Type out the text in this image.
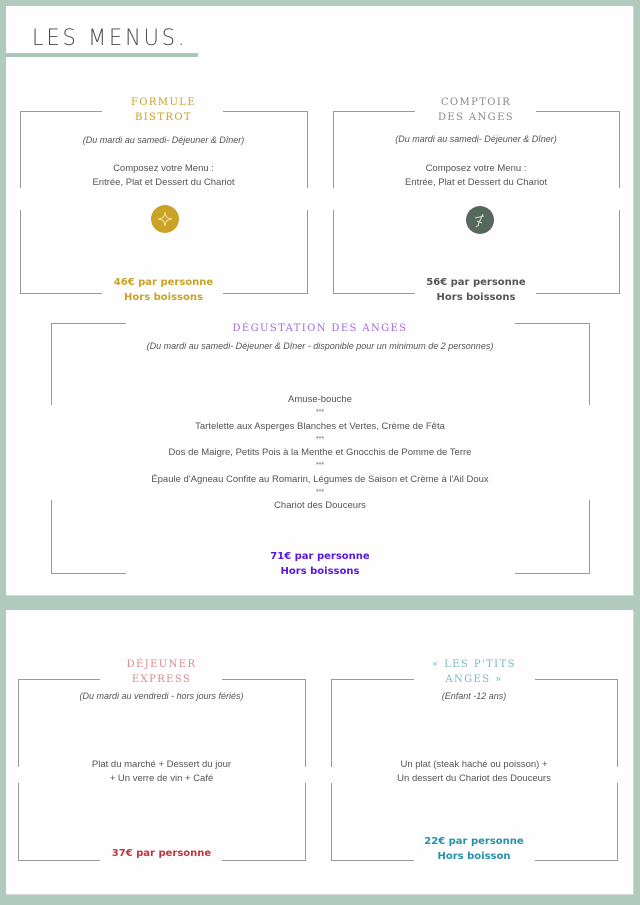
LES MENUS.
FORMULE
BISTROT
(Du mardi au samedi- Déjeuner & Dîner)
Composez votre Menu :
Entrée, Plat et Dessert du Chariot
46€ par personne
Hors boissons
COMPTOIR
DES ANGES
(Du mardi au samedi- Déjeuner & Dîner)
Composez votre Menu :
Entrée, Plat et Dessert du Chariot
56€ par personne
Hors boissons
DÉGUSTATION DES ANGES
(Du mardi au samedi- Déjeuner & Dîner - disponible pour un minimum de 2 personnes)
Amuse-bouche
***
Tartelette aux Asperges Blanches et Vertes, Crème de Fêta
***
Dos de Maigre, Petits Pois à la Menthe et Gnocchis de Pomme de Terre
***
Épaule d'Agneau Confite au Romarin, Légumes de Saison et Crème à l'Ail Doux
***
Chariot des Douceurs
71€ par personne
Hors boissons
DÉJEUNER
EXPRESS
(Du mardi au vendredi - hors jours fériés)
Plat du marché + Dessert du jour
+ Un verre de vin + Café
37€ par personne
« LES P'TITS
ANGES »
(Enfant -12 ans)
Un plat (steak haché ou poisson) +
Un dessert du Chariot des Douceurs
22€ par personne
Hors boisson
